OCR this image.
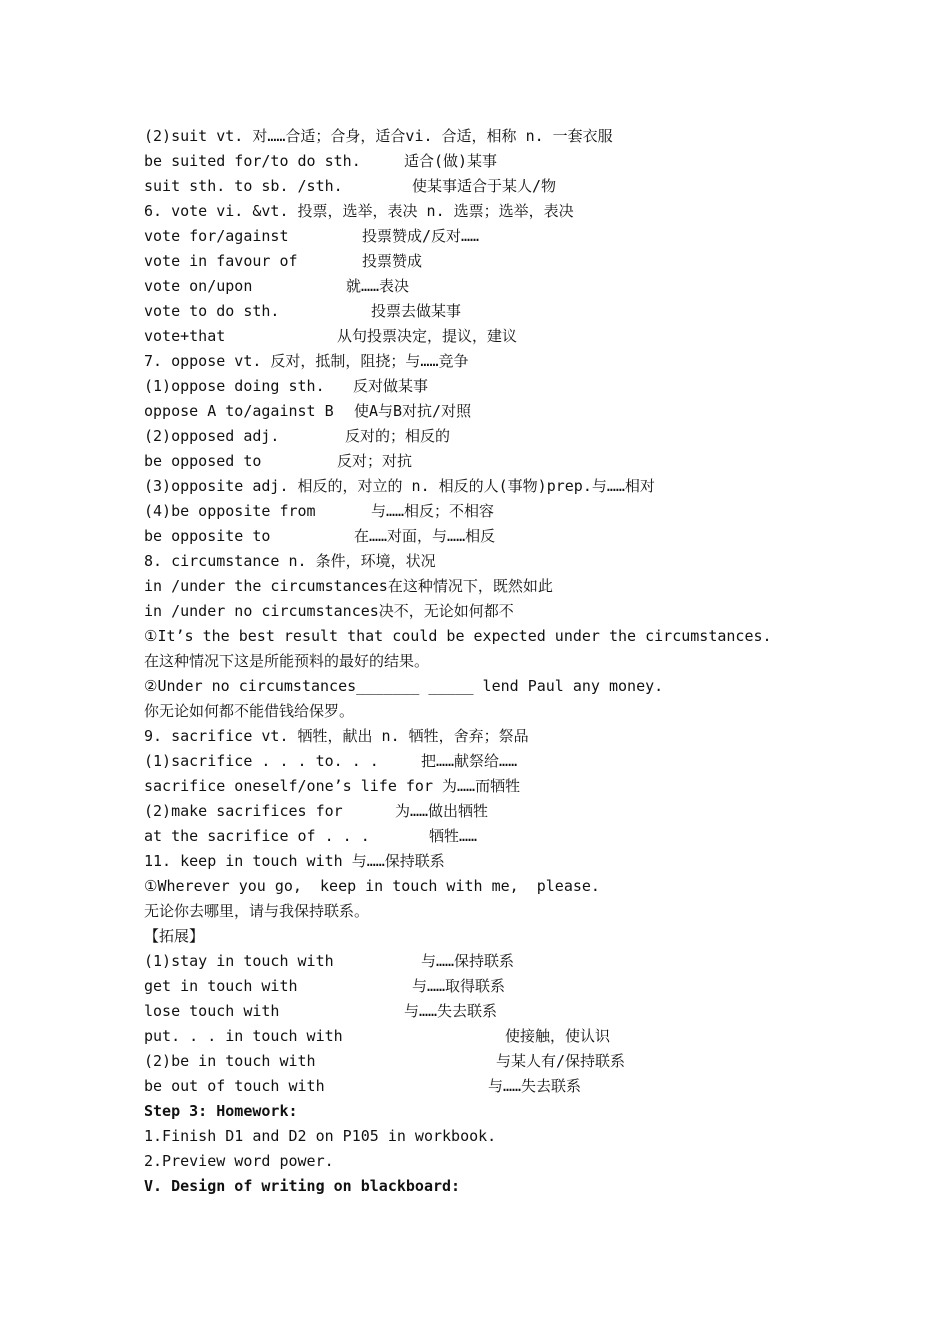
(2)suit vt. 对……合适；合身，适合vi. 合适，相称 n. 一套衣服
be suited for/to do sth.	适合(做)某事
suit sth. to sb. /sth.	使某事适合于某人/物
6. vote vi. &vt. 投票，选举，表决 n. 选票；选举，表决
vote for/against	投票赞成/反对……
vote in favour of	投票赞成
vote on/upon	就……表决
vote to do sth.	投票去做某事
vote+that	从句投票决定，提议，建议
7. oppose vt. 反对，抵制，阻挠；与……竞争
(1)oppose doing sth. 反对做某事
oppose A to/against B 使A与B对抗/对照
(2)opposed adj.	反对的；相反的
be opposed to	反对；对抗
(3)opposite adj. 相反的，对立的 n. 相反的人(事物)prep.与……相对
(4)be opposite from	与……相反；不相容
be opposite to	在……对面，与……相反
8. circumstance n. 条件，环境，状况
in /under the circumstances在这种情况下，既然如此
in /under no circumstances决不，无论如何都不
①It’s the best result that could be expected under the circumstances.
在这种情况下这是所能预料的最好的结果。
②Under no circumstances_______ _____ lend Paul any money.
你无论如何都不能借钱给保罗。
9. sacrifice vt. 牺牲，献出 n. 牺牲，舍弃；祭品
(1)sacrifice . . . to. . .	把……献祭给……
sacrifice oneself/one’s life for 为……而牺牲
(2)make sacrifices for	为……做出牺牲
at the sacrifice of . . .	牺牲……
11. keep in touch with 与……保持联系
①Wherever you go,  keep in touch with me,  please.
无论你去哪里，请与我保持联系。
【拓展】
(1)stay in touch with	与……保持联系
get in touch with	与……取得联系
lose touch with	与……失去联系
put. . . in touch with	使接触，使认识
(2)be in touch with	与某人有/保持联系
be out of touch with	与……失去联系
Step 3: Homework:
1.Finish D1 and D2 on P105 in workbook.
2.Preview word power.
V. Design of writing on blackboard:
